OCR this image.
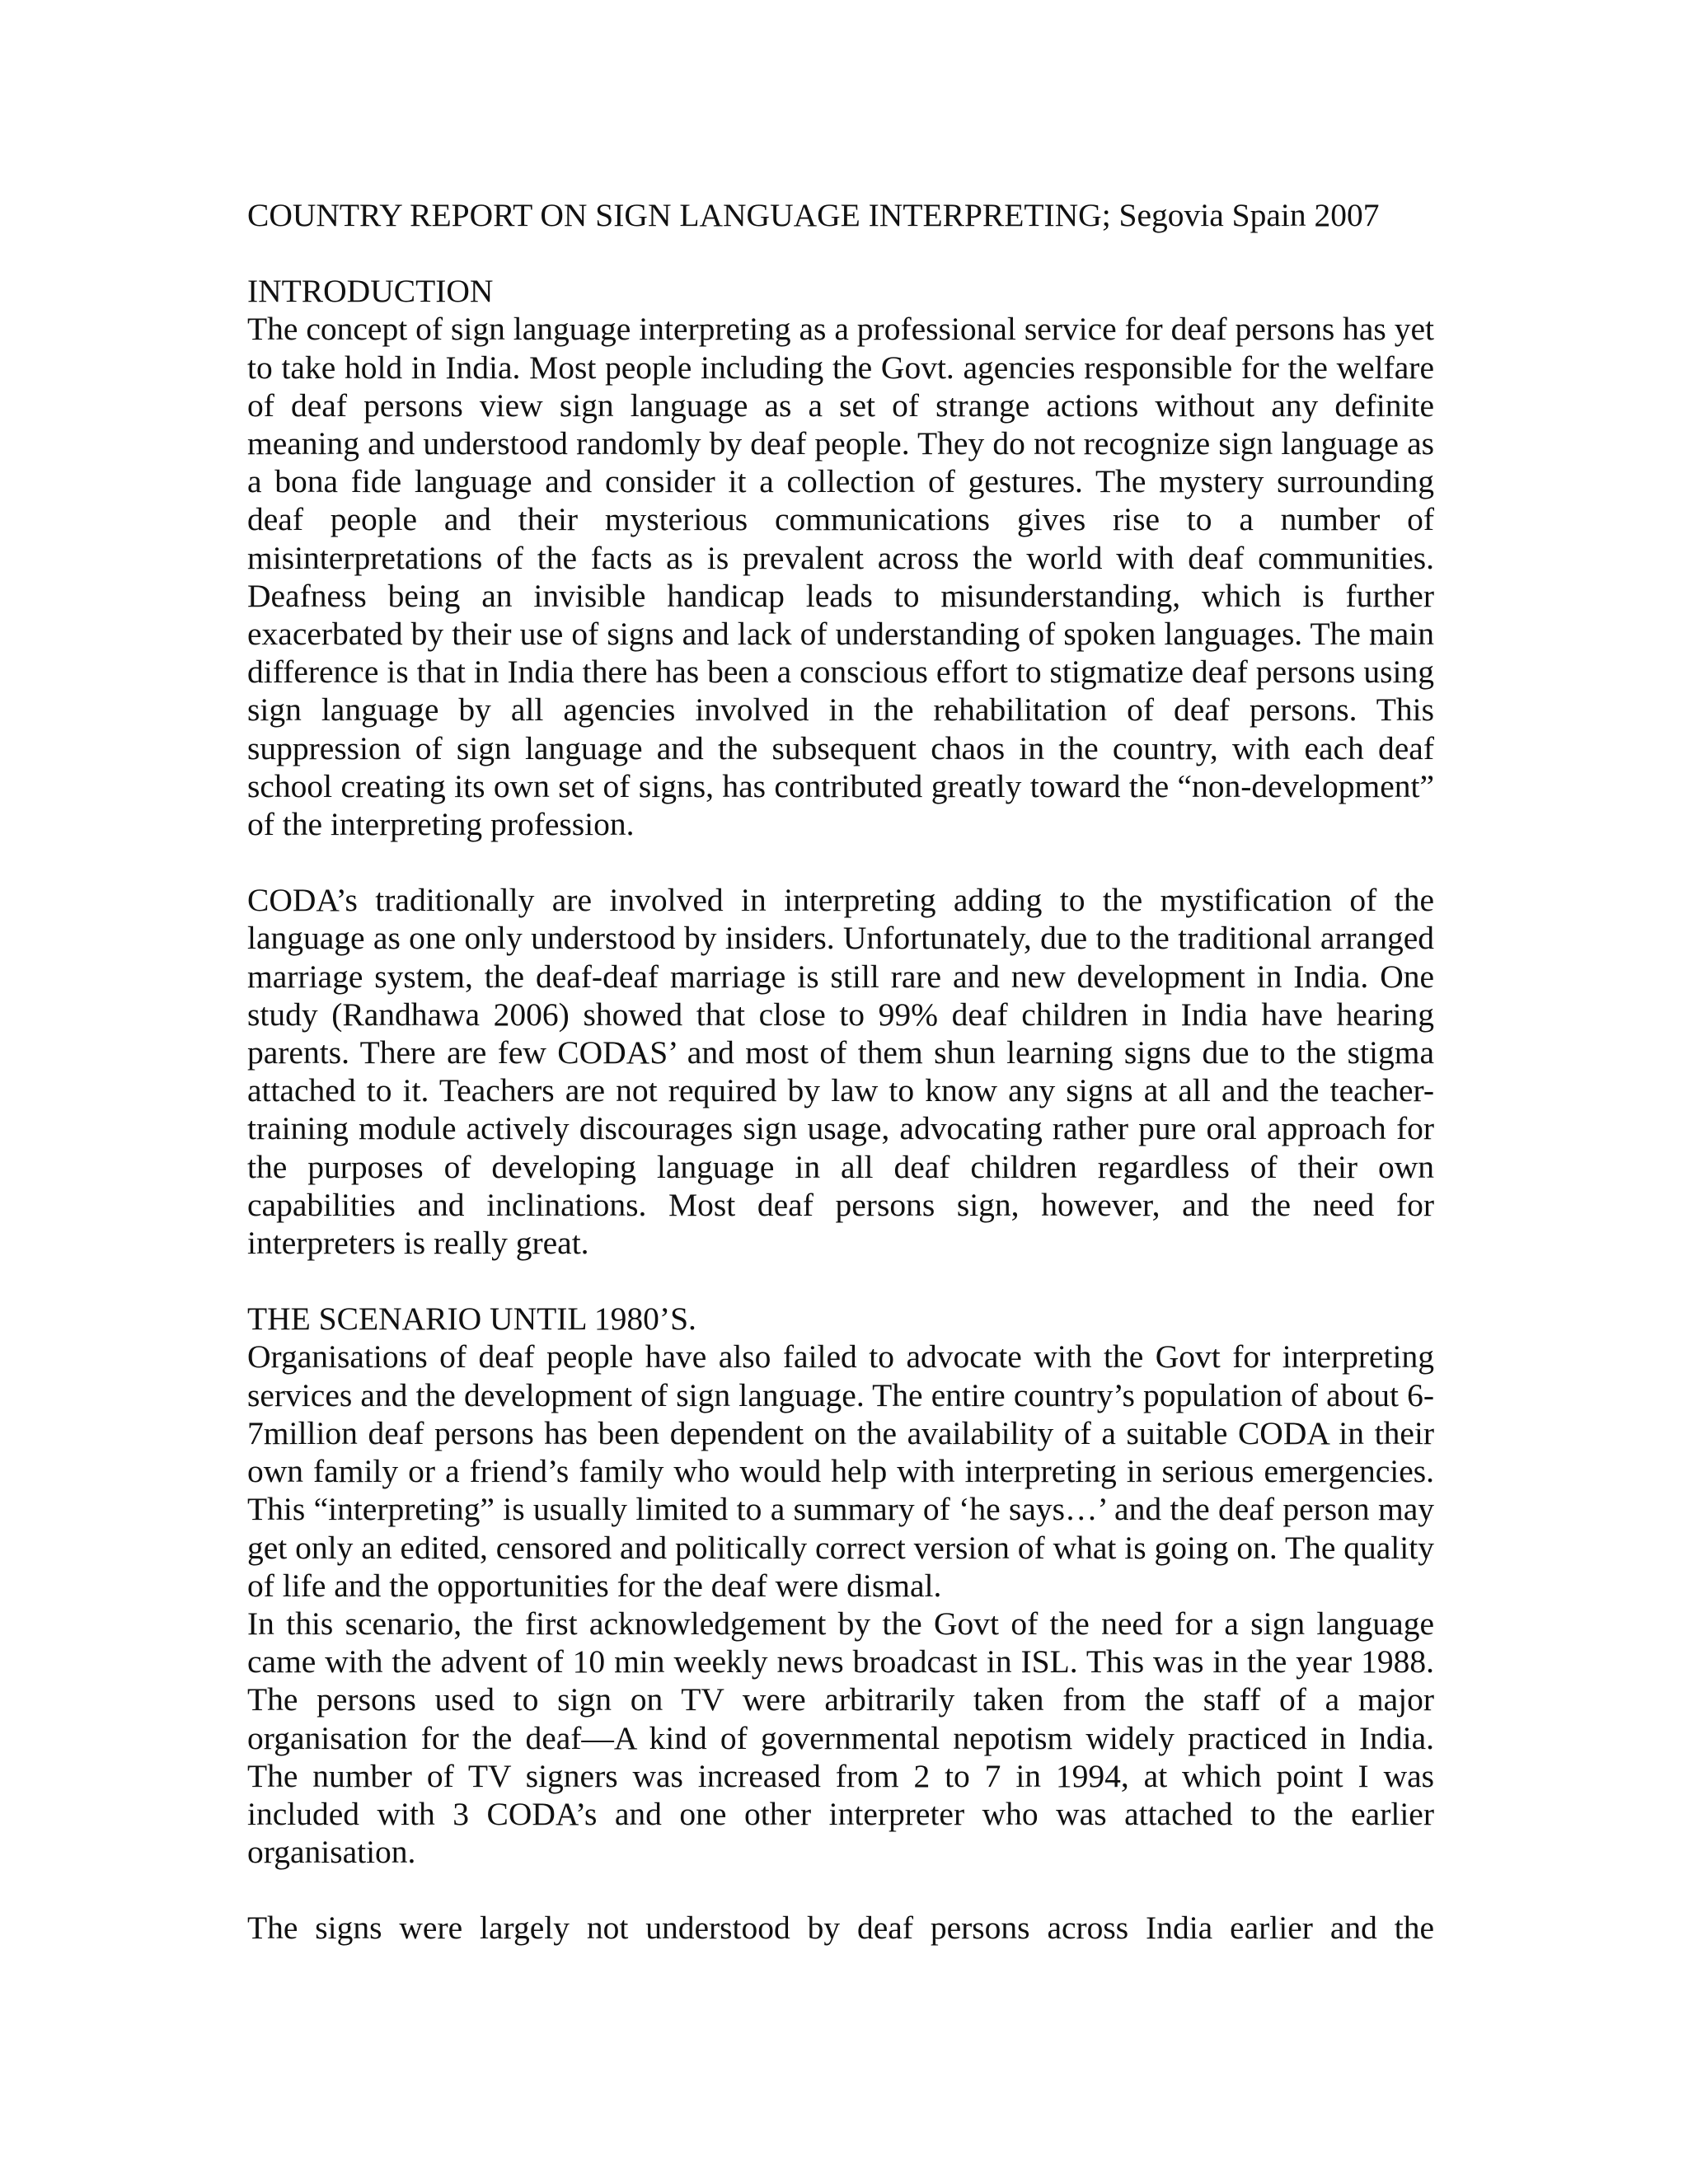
COUNTRY REPORT ON SIGN LANGUAGE INTERPRETING; Segovia Spain 2007

INTRODUCTION

The concept of sign language interpreting as a professional service for deaf persons has yet to take hold in India. Most people including the Govt. agencies responsible for the welfare of deaf persons view sign language as a set of strange actions without any definite meaning and understood randomly by deaf people. They do not recognize sign language as a bona fide language and consider it a collection of gestures. The mystery surrounding deaf people and their mysterious communications gives rise to a number of misinterpretations of the facts as is prevalent across the world with deaf communities. Deafness being an invisible handicap leads to misunderstanding, which is further exacerbated by their use of signs and lack of understanding of spoken languages. The main difference is that in India there has been a conscious effort to stigmatize deaf persons using sign language by all agencies involved in the rehabilitation of deaf persons. This suppression of sign language and the subsequent chaos in the country, with each deaf school creating its own set of signs, has contributed greatly toward the “non-development” of the interpreting profession.

CODA’s traditionally are involved in interpreting adding to the mystification of the language as one only understood by insiders. Unfortunately, due to the traditional arranged marriage system, the deaf-deaf marriage is still rare and new development in India. One study (Randhawa 2006) showed that close to 99% deaf children in India have hearing parents. There are few CODAS’ and most of them shun learning signs due to the stigma attached to it. Teachers are not required by law to know any signs at all and the teacher-training module actively discourages sign usage, advocating rather pure oral approach for the purposes of developing language in all deaf children regardless of their own capabilities and inclinations. Most deaf persons sign, however, and the need for interpreters is really great.

THE SCENARIO UNTIL 1980’S.

Organisations of deaf people have also failed to advocate with the Govt for interpreting services and the development of sign language. The entire country’s population of about 6-7million deaf persons has been dependent on the availability of a suitable CODA in their own family or a friend’s family who would help with interpreting in serious emergencies. This “interpreting” is usually limited to a summary of ‘he says…’ and the deaf person may get only an edited, censored and politically correct version of what is going on. The quality of life and the opportunities for the deaf were dismal.

In this scenario, the first acknowledgement by the Govt of the need for a sign language came with the advent of 10 min weekly news broadcast in ISL. This was in the year 1988. The persons used to sign on TV were arbitrarily taken from the staff of a major organisation for the deaf—A kind of governmental nepotism widely practiced in India. The number of TV signers was increased from 2 to 7 in 1994, at which point I was included with 3 CODA’s and one other interpreter who was attached to the earlier organisation.

The signs were largely not understood by deaf persons across India earlier and the
